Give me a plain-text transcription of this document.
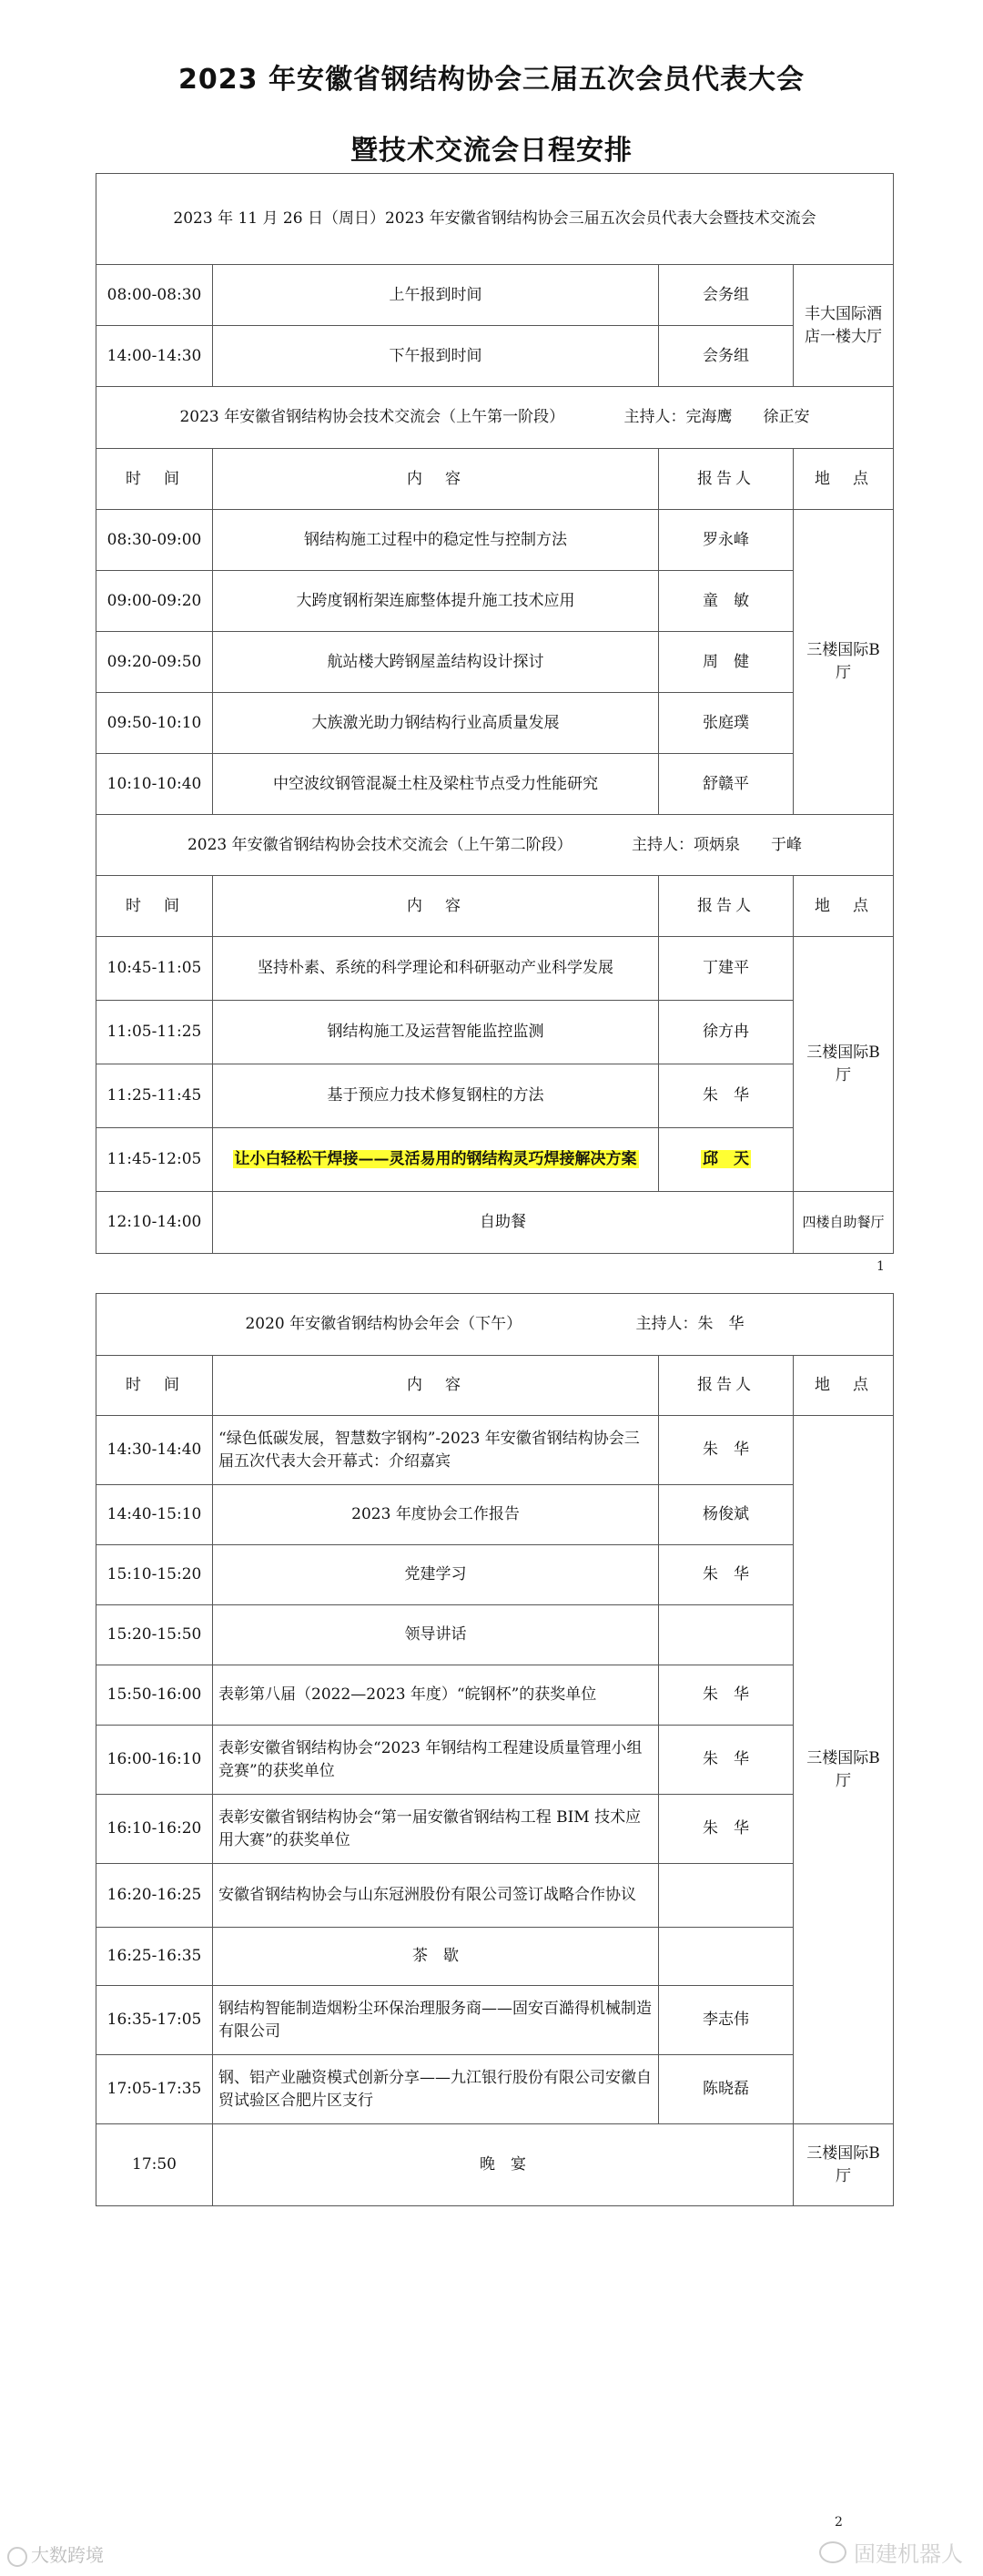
2023 年安徽省钢结构协会三届五次会员代表大会
暨技术交流会日程安排
2023 年 11 月 26 日（周日）2023 年安徽省钢结构协会三届五次会员代表大会暨技术交流会			
08:00-08:30	上午报到时间	会务组	丰大国际酒店一楼大厅
14:00-14:30	下午报到时间	会务组	
2023 年安徽省钢结构协会技术交流会（上午第一阶段） 主持人：完海鹰　　徐正安			
时　间	内　容	报告人	地　点
08:30-09:00	钢结构施工过程中的稳定性与控制方法	罗永峰	三楼国际B 厅
09:00-09:20	大跨度钢桁架连廊整体提升施工技术应用	童　敏	
09:20-09:50	航站楼大跨钢屋盖结构设计探讨	周　健	
09:50-10:10	大族激光助力钢结构行业高质量发展	张庭璞	
10:10-10:40	中空波纹钢管混凝土柱及梁柱节点受力性能研究	舒赣平	
2023 年安徽省钢结构协会技术交流会（上午第二阶段） 主持人：项炳泉　　于峰			
时　间	内　容	报告人	地　点
10:45-11:05	坚持朴素、系统的科学理论和科研驱动产业科学发展	丁建平	三楼国际B 厅
11:05-11:25	钢结构施工及运营智能监控监测	徐方冉	
11:25-11:45	基于预应力技术修复钢柱的方法	朱　华	
11:45-12:05	让小白轻松干焊接——灵活易用的钢结构灵巧焊接解决方案	邱　天	
12:10-14:00	自助餐		四楼自助餐厅
1
2020 年安徽省钢结构协会年会（下午） 主持人：朱　华			
时　间	内　容	报告人	地　点
14:30-14:40	“绿色低碳发展，智慧数字钢构”-2023 年安徽省钢结构协会三届五次代表大会开幕式：介绍嘉宾	朱　华	三楼国际B 厅
14:40-15:10	2023 年度协会工作报告	杨俊斌	
15:10-15:20	党建学习	朱　华	
15:20-15:50	领导讲话		
15:50-16:00	表彰第八届（2022—2023 年度）“皖钢杯”的获奖单位	朱　华	
16:00-16:10	表彰安徽省钢结构协会“2023 年钢结构工程建设质量管理小组竞赛”的获奖单位	朱　华	
16:10-16:20	表彰安徽省钢结构协会“第一届安徽省钢结构工程 BIM 技术应用大赛”的获奖单位	朱　华	
16:20-16:25	安徽省钢结构协会与山东冠洲股份有限公司签订战略合作协议		
16:25-16:35	茶　歇		
16:35-17:05	钢结构智能制造烟粉尘环保治理服务商——固安百澔得机械制造有限公司	李志伟	
17:05-17:35	钢、铝产业融资模式创新分享——九江银行股份有限公司安徽自贸试验区合肥片区支行	陈晓磊	
17:50	晚　宴		三楼国际B 厅
2
大数跨境	固建机器人
